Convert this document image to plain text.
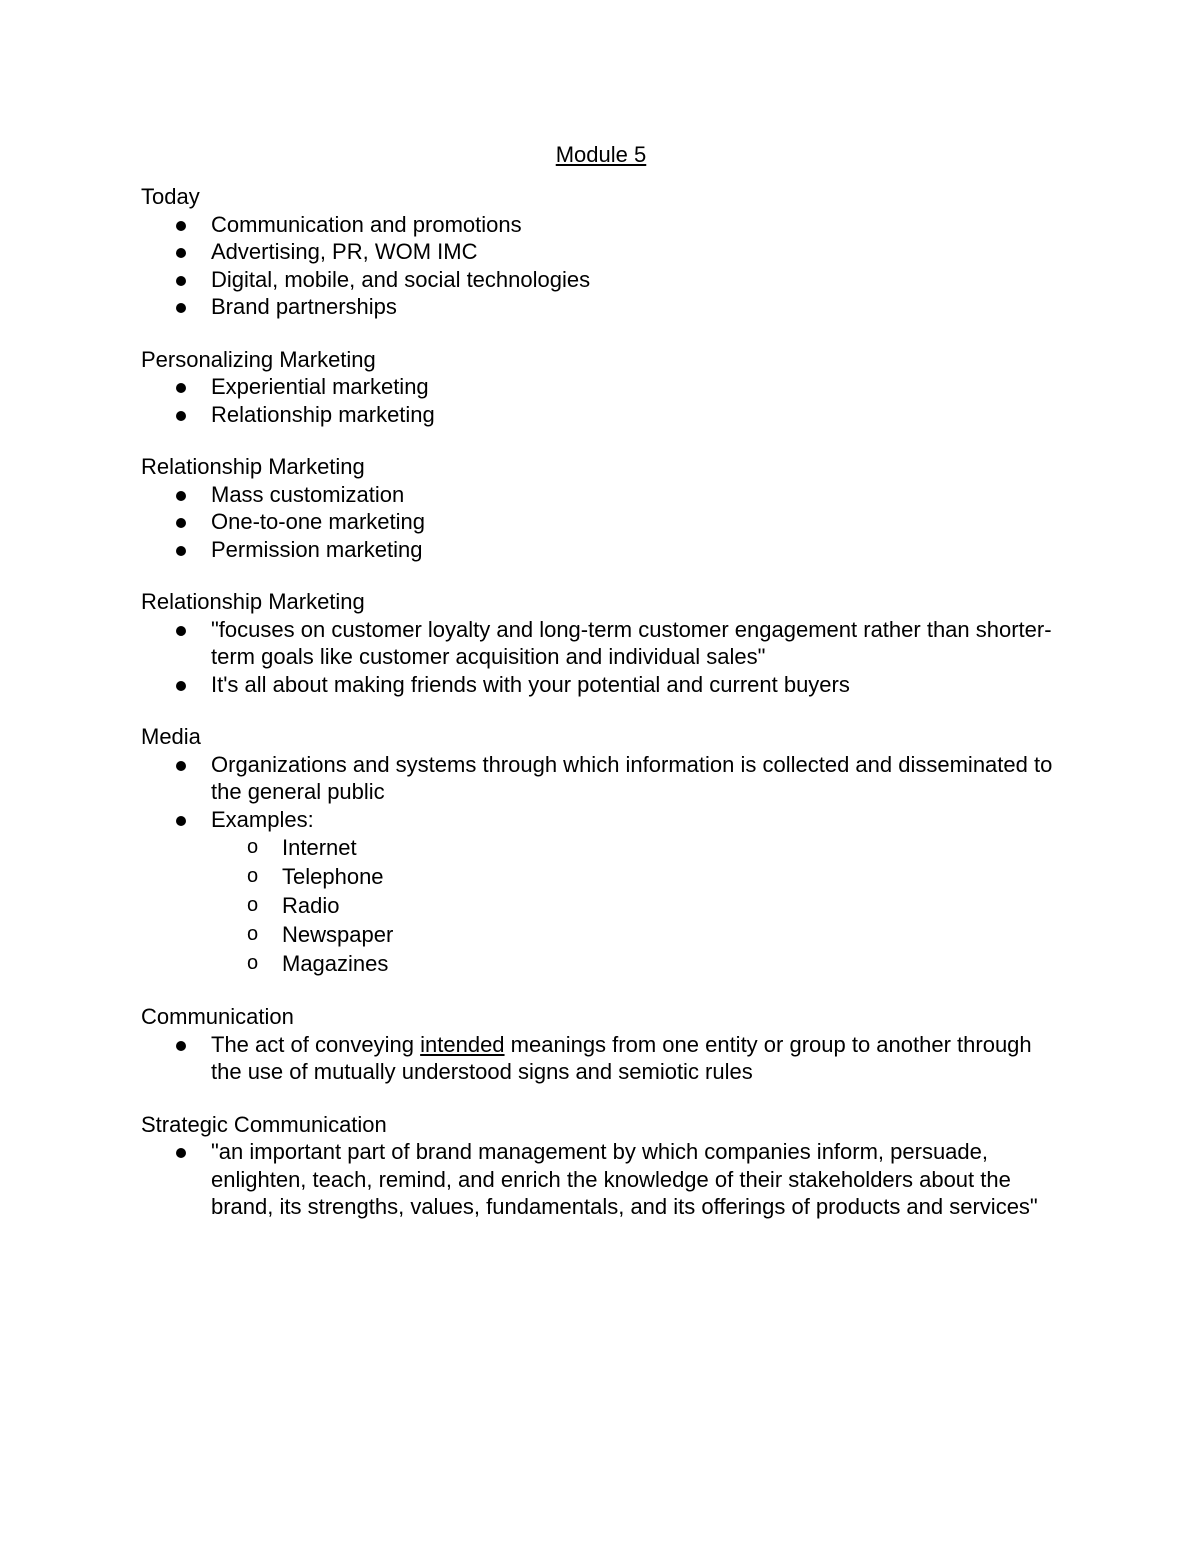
Module 5
Today
Communication and promotions
Advertising, PR, WOM IMC
Digital, mobile, and social technologies
Brand partnerships
Personalizing Marketing
Experiential marketing
Relationship marketing
Relationship Marketing
Mass customization
One-to-one marketing
Permission marketing
Relationship Marketing
"focuses on customer loyalty and long-term customer engagement rather than shorter-term goals like customer acquisition and individual sales"
It's all about making friends with your potential and current buyers
Media
Organizations and systems through which information is collected and disseminated to the general public
Examples:
o Internet
o Telephone
o Radio
o Newspaper
o Magazines
Communication
The act of conveying intended meanings from one entity or group to another through the use of mutually understood signs and semiotic rules
Strategic Communication
"an important part of brand management by which companies inform, persuade, enlighten, teach, remind, and enrich the knowledge of their stakeholders about the brand, its strengths, values, fundamentals, and its offerings of products and services"
